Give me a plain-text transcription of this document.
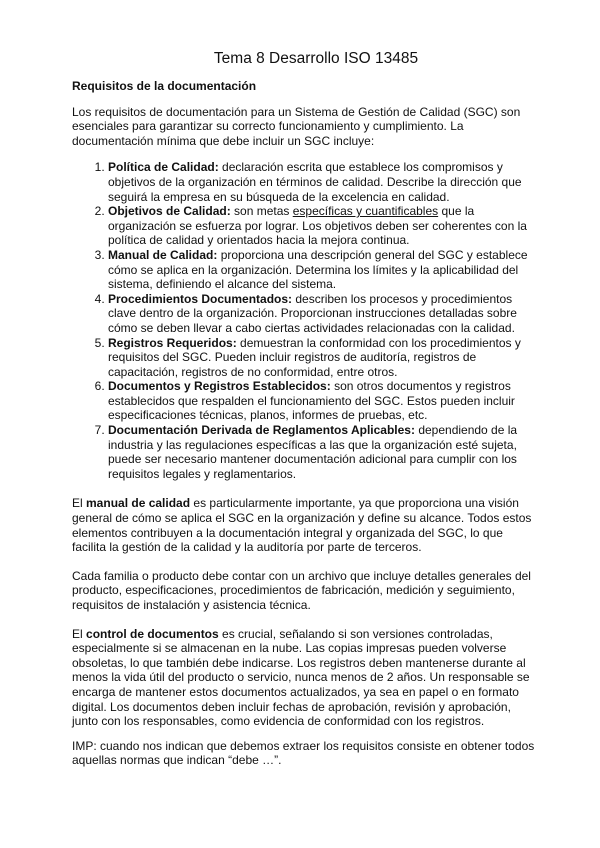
Tema 8 Desarrollo ISO 13485
Requisitos de la documentación

Los requisitos de documentación para un Sistema de Gestión de Calidad (SGC) son esenciales para garantizar su correcto funcionamiento y cumplimiento. La documentación mínima que debe incluir un SGC incluye:

1. Política de Calidad: declaración escrita que establece los compromisos y objetivos de la organización en términos de calidad. Describe la dirección que seguirá la empresa en su búsqueda de la excelencia en calidad.
2. Objetivos de Calidad: son metas específicas y cuantificables que la organización se esfuerza por lograr. Los objetivos deben ser coherentes con la política de calidad y orientados hacia la mejora continua.
3. Manual de Calidad: proporciona una descripción general del SGC y establece cómo se aplica en la organización. Determina los límites y la aplicabilidad del sistema, definiendo el alcance del sistema.
4. Procedimientos Documentados: describen los procesos y procedimientos clave dentro de la organización. Proporcionan instrucciones detalladas sobre cómo se deben llevar a cabo ciertas actividades relacionadas con la calidad.
5. Registros Requeridos: demuestran la conformidad con los procedimientos y requisitos del SGC. Pueden incluir registros de auditoría, registros de capacitación, registros de no conformidad, entre otros.
6. Documentos y Registros Establecidos: son otros documentos y registros establecidos que respalden el funcionamiento del SGC. Estos pueden incluir especificaciones técnicas, planos, informes de pruebas, etc.
7. Documentación Derivada de Reglamentos Aplicables: dependiendo de la industria y las regulaciones específicas a las que la organización esté sujeta, puede ser necesario mantener documentación adicional para cumplir con los requisitos legales y reglamentarios.

El manual de calidad es particularmente importante, ya que proporciona una visión general de cómo se aplica el SGC en la organización y define su alcance. Todos estos elementos contribuyen a la documentación integral y organizada del SGC, lo que facilita la gestión de la calidad y la auditoría por parte de terceros.

Cada familia o producto debe contar con un archivo que incluye detalles generales del producto, especificaciones, procedimientos de fabricación, medición y seguimiento, requisitos de instalación y asistencia técnica.

El control de documentos es crucial, señalando si son versiones controladas, especialmente si se almacenan en la nube. Las copias impresas pueden volverse obsoletas, lo que también debe indicarse. Los registros deben mantenerse durante al menos la vida útil del producto o servicio, nunca menos de 2 años. Un responsable se encarga de mantener estos documentos actualizados, ya sea en papel o en formato digital. Los documentos deben incluir fechas de aprobación, revisión y aprobación, junto con los responsables, como evidencia de conformidad con los registros.

IMP: cuando nos indican que debemos extraer los requisitos consiste en obtener todos aquellas normas que indican “debe …”.
